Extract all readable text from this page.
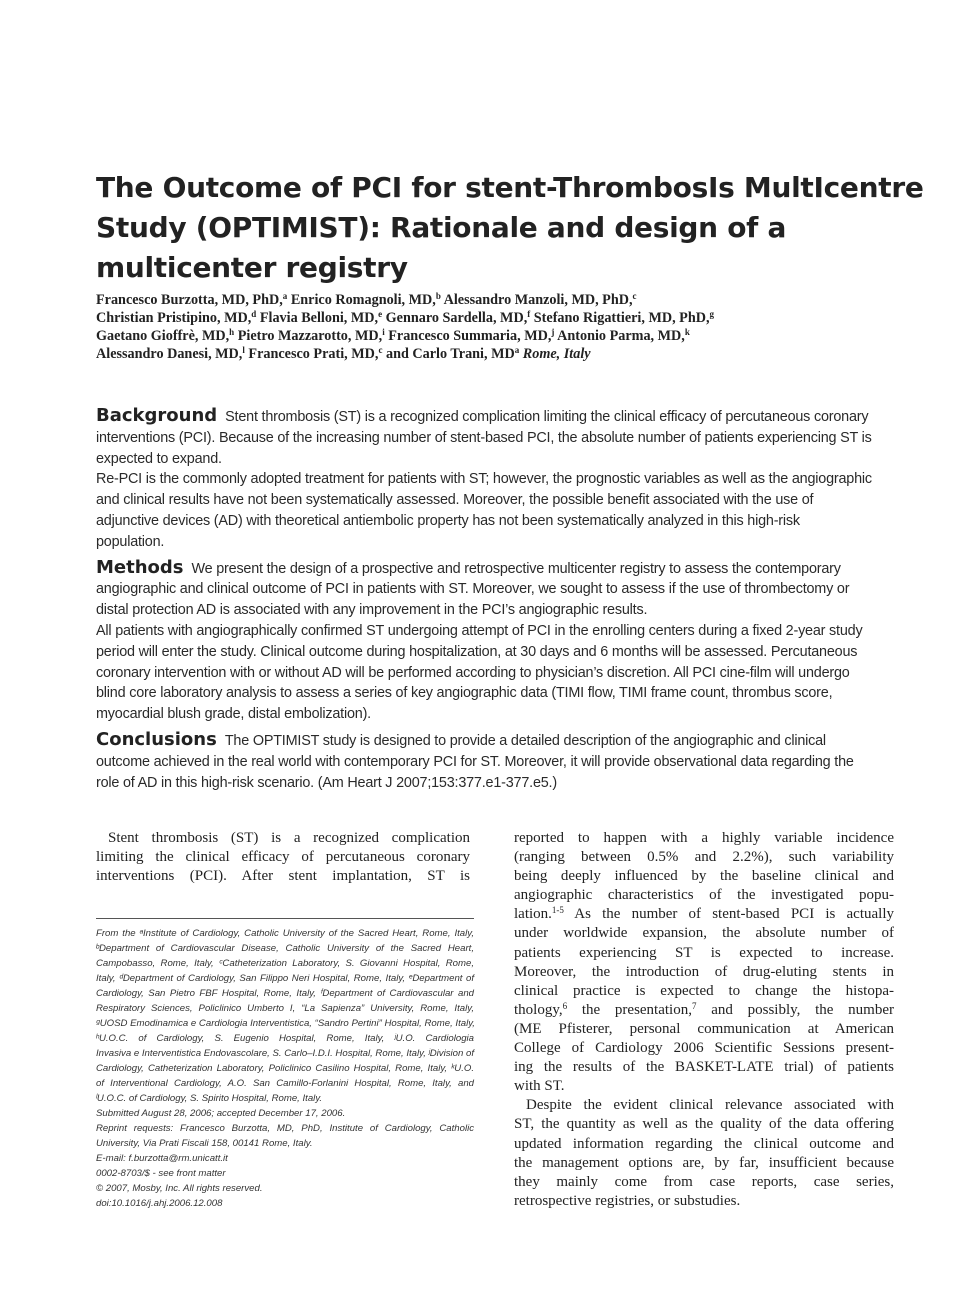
The Outcome of PCI for stent-ThrombosIs MultIcentre
Study (OPTIMIST): Rationale and design of a
multicenter registry
Francesco Burzotta, MD, PhD,$^a$ Enrico Romagnoli, MD,$^b$ Alessandro Manzoli, MD, PhD,$^c$
Christian Pristipino, MD,$^d$ Flavia Belloni, MD,$^e$ Gennaro Sardella, MD,$^f$ Stefano Rigattieri, MD, PhD,$^g$
Gaetano Gioffrè, MD,$^h$ Pietro Mazzarotto, MD,$^i$ Francesco Summaria, MD,$^j$ Antonio Parma, MD,$^k$
Alessandro Danesi, MD,$^l$ Francesco Prati, MD,$^c$ and Carlo Trani, $MD^a$ Rome, Italy
Background Stent thrombosis (ST) is a recognized complication limiting the clinical efficacy of percutaneous coronary
interventions (PCI). Because of the increasing number of stent-based PCI, the absolute number of patients experiencing ST is
expected to expand.
Re-PCI is the commonly adopted treatment for patients with ST; however, the prognostic variables as well as the angiographic
and clinical results have not been systematically assessed. Moreover, the possible benefit associated with the use of
adjunctive devices (AD) with theoretical antiembolic property has not been systematically analyzed in this high-risk
population.
Methods We present the design of a prospective and retrospective multicenter registry to assess the contemporary
angiographic and clinical outcome of PCI in patients with ST. Moreover, we sought to assess if the use of thrombectomy or
distal protection AD is associated with any improvement in the PCI’s angiographic results.
All patients with angiographically confirmed ST undergoing attempt of PCI in the enrolling centers during a fixed 2-year study
period will enter the study. Clinical outcome during hospitalization, at 30 days and 6 months will be assessed. Percutaneous
coronary intervention with or without AD will be performed according to physician’s discretion. All PCI cine-film will undergo
blind core laboratory analysis to assess a series of key angiographic data (TIMI flow, TIMI frame count, thrombus score,
myocardial blush grade, distal embolization).
Conclusions The OPTIMIST study is designed to provide a detailed description of the angiographic and clinical
outcome achieved in the real world with contemporary PCI for ST. Moreover, it will provide observational data regarding the
role of AD in this high-risk scenario. (Am Heart J 2007;153:377.e1-377.e5.)
Stent thrombosis (ST) is a recognized complication
limiting the clinical efficacy of percutaneous coronary
interventions (PCI). After stent implantation, ST is
From the ᵃInstitute of Cardiology, Catholic University of the Sacred Heart, Rome, Italy,
ᵇDepartment of Cardiovascular Disease, Catholic University of the Sacred Heart,
Campobasso, Rome, Italy, ᶜCatheterization Laboratory, S. Giovanni Hospital, Rome,
Italy, ᵈDepartment of Cardiology, San Filippo Neri Hospital, Rome, Italy, ᵉDepartment of
Cardiology, San Pietro FBF Hospital, Rome, Italy, ᶠDepartment of Cardiovascular and
Respiratory Sciences, Policlinico Umberto I, “La Sapienza” University, Rome, Italy,
ᵍUOSD Emodinamica e Cardiologia Interventistica, “Sandro Pertini” Hospital, Rome, Italy,
ʰU.O.C. of Cardiology, S. Eugenio Hospital, Rome, Italy, ʲU.O. Cardiologia
Invasiva e Interventistica Endovascolare, S. Carlo–I.D.I. Hospital, Rome, Italy, ʲDivision of
Cardiology, Catheterization Laboratory, Policlinico Casilino Hospital, Rome, Italy, ᵏU.O.
of Interventional Cardiology, A.O. San Camillo-Forlanini Hospital, Rome, Italy, and
ˡU.O.C. of Cardiology, S. Spirito Hospital, Rome, Italy.
Submitted August 28, 2006; accepted December 17, 2006.
Reprint requests: Francesco Burzotta, MD, PhD, Institute of Cardiology, Catholic
University, Via Prati Fiscali 158, 00141 Rome, Italy.
E-mail: f.burzotta@rm.unicatt.it
0002-8703/$ - see front matter
© 2007, Mosby, Inc. All rights reserved.
doi:10.1016/j.ahj.2006.12.008
reported to happen with a highly variable incidence
(ranging between 0.5% and 2.2%), such variability
being deeply influenced by the baseline clinical and
angiographic characteristics of the investigated popu-
lation.$^{1-5}$ As the number of stent-based PCI is actually
under worldwide expansion, the absolute number of
patients experiencing ST is expected to increase.
Moreover, the introduction of drug-eluting stents in
clinical practice is expected to change the histopa-
thology,$^6$ the presentation,$^7$ and possibly, the number
(ME Pfisterer, personal communication at American
College of Cardiology 2006 Scientific Sessions present-
ing the results of the BASKET-LATE trial) of patients
with ST.
Despite the evident clinical relevance associated with
ST, the quantity as well as the quality of the data offering
updated information regarding the clinical outcome and
the management options are, by far, insufficient because
they mainly come from case reports, case series,
retrospective registries, or substudies.
